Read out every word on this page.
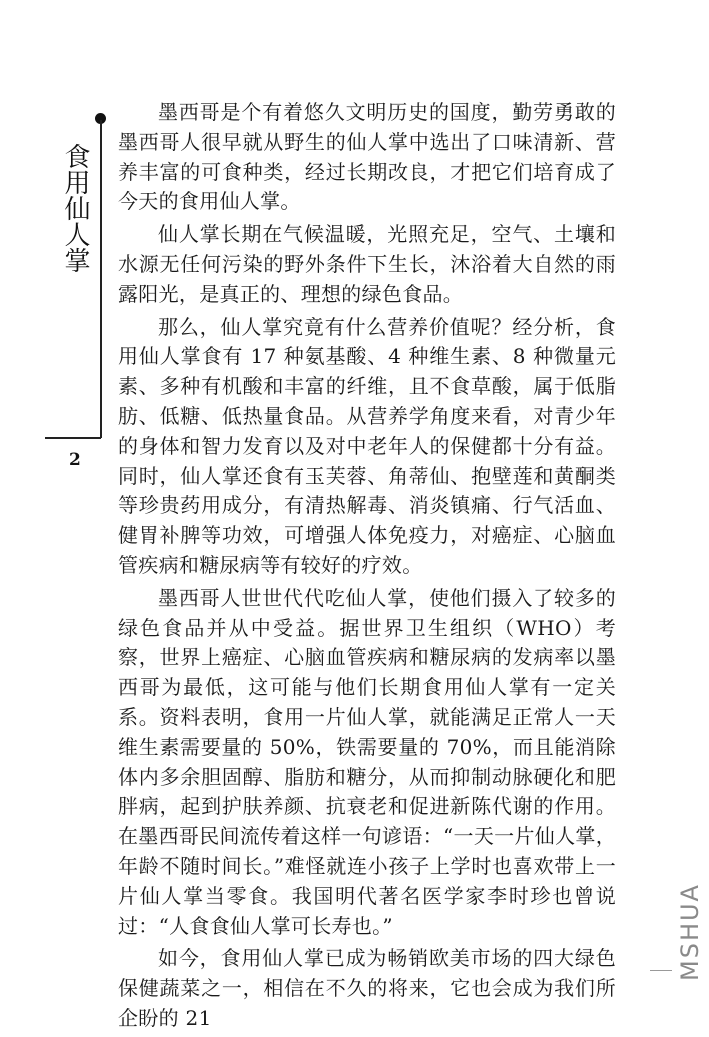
食用仙人掌
2

墨西哥是个有着悠久文明历史的国度，勤劳勇敢的墨西哥人很早就从野生的仙人掌中选出了口味清新、营养丰富的可食种类，经过长期改良，才把它们培育成了今天的食用仙人掌。

仙人掌长期在气候温暖，光照充足，空气、土壤和水源无任何污染的野外条件下生长，沐浴着大自然的雨露阳光，是真正的、理想的绿色食品。

那么，仙人掌究竟有什么营养价值呢？经分析，食用仙人掌食有 17 种氨基酸、4 种维生素、8 种微量元素、多种有机酸和丰富的纤维，且不食草酸，属于低脂肪、低糖、低热量食品。从营养学角度来看，对青少年的身体和智力发育以及对中老年人的保健都十分有益。同时，仙人掌还食有玉芙蓉、角蒂仙、抱壁莲和黄酮类等珍贵药用成分，有清热解毒、消炎镇痛、行气活血、健胃补脾等功效，可增强人体免疫力，对癌症、心脑血管疾病和糖尿病等有较好的疗效。

墨西哥人世世代代吃仙人掌，使他们摄入了较多的绿色食品并从中受益。据世界卫生组织（WHO）考察，世界上癌症、心脑血管疾病和糖尿病的发病率以墨西哥为最低，这可能与他们长期食用仙人掌有一定关系。资料表明，食用一片仙人掌，就能满足正常人一天维生素需要量的 50%，铁需要量的 70%，而且能消除体内多余胆固醇、脂肪和糖分，从而抑制动脉硬化和肥胖病，起到护肤养颜、抗衰老和促进新陈代谢的作用。在墨西哥民间流传着这样一句谚语：“一天一片仙人掌，年龄不随时间长。”难怪就连小孩子上学时也喜欢带上一片仙人掌当零食。我国明代著名医学家李时珍也曾说过：“人食食仙人掌可长寿也。”

如今，食用仙人掌已成为畅销欧美市场的四大绿色保健蔬菜之一，相信在不久的将来，它也会成为我们所企盼的 21

MSHUA
